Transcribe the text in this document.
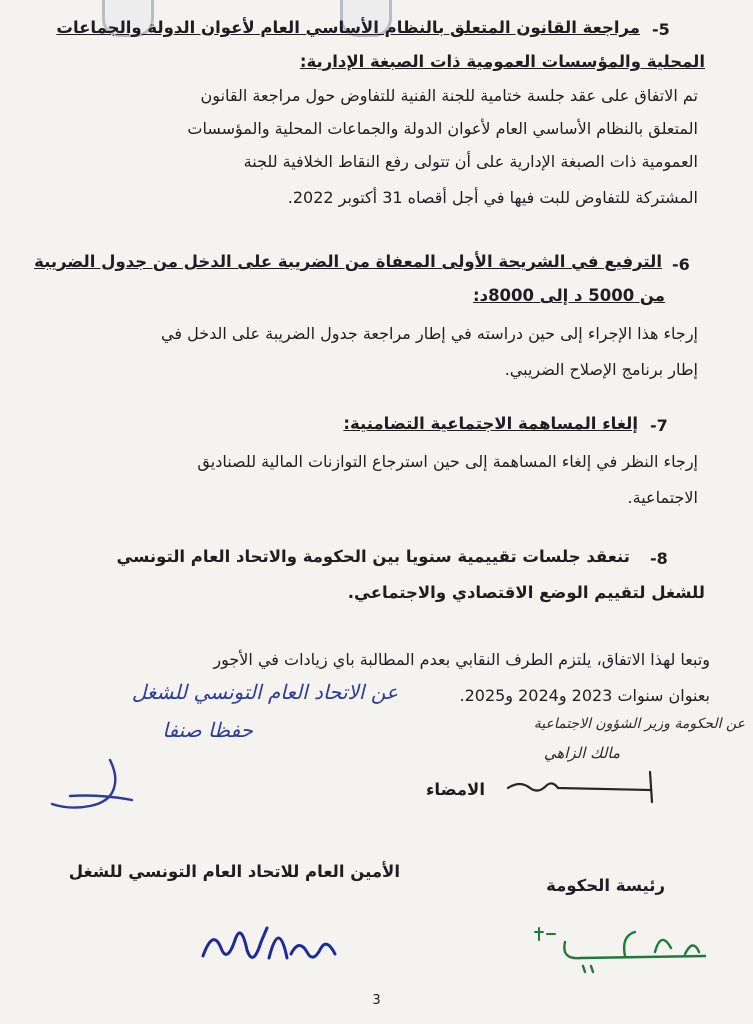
-5
مراجعة القانون المتعلق بالنظام الأساسي العام لأعوان الدولة والجماعات
المحلية والمؤسسات العمومية ذات الصبغة الإدارية:
تم الاتفاق على عقد جلسة ختامية للجنة الفنية للتفاوض حول مراجعة القانون
المتعلق بالنظام الأساسي العام لأعوان الدولة والجماعات المحلية والمؤسسات
العمومية ذات الصبغة الإدارية على أن تتولى رفع النقاط الخلافية للجنة
المشتركة للتفاوض للبت فيها في أجل أقصاه 31 أكتوبر 2022.
-6
الترفيع في الشريحة الأولى المعفاة من الضريبة على الدخل من جدول الضريبة
من 5000 د إلى 8000د:
إرجاء هذا الإجراء إلى حين دراسته في إطار مراجعة جدول الضريبة على الدخل في
إطار برنامج الإصلاح الضريبي.
-7
إلغاء المساهمة الاجتماعية التضامنية:
إرجاء النظر في إلغاء المساهمة إلى حين استرجاع التوازنات المالية للصناديق
الاجتماعية.
-8
تنعقد جلسات تقييمية سنويا بين الحكومة والاتحاد العام التونسي
للشغل لتقييم الوضع الاقتصادي والاجتماعي.
وتبعا لهذا الاتفاق، يلتزم الطرف النقابي بعدم المطالبة باي زيادات في الأجور
بعنوان سنوات 2023 و2024 و2025.
عن الاتحاد العام التونسي للشغل
حفظا صنفا	عن الحكومة وزير الشؤون الاجتماعية
مالك الزاهي
الامضاء
الأمين العام للاتحاد العام التونسي للشغل
رئيسة الحكومة
3
